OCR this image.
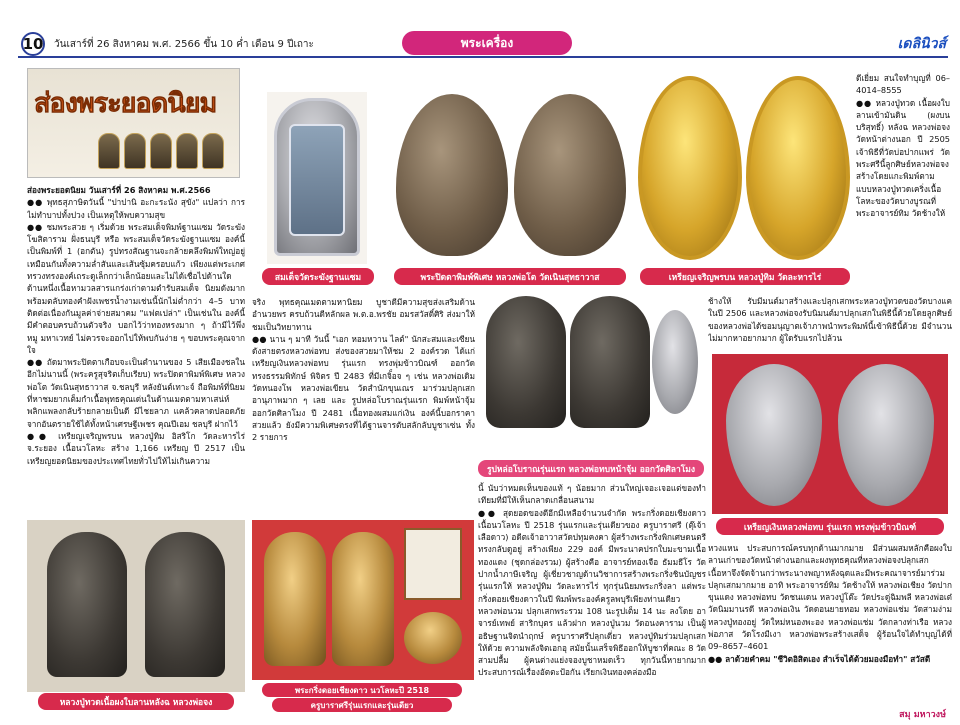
10 วันเสาร์ที่ 26 สิงหาคม พ.ศ. 2566 ขึ้น 10 ค่ำ เดือน 9 ปีเถาะ	พระเครื่อง	เดลินิวส์
ส่องพระยอดนิยม

ส่องพระยอดนิยม วันเสาร์ที่ 26 สิงหาคม พ.ศ.2566

●● พุทธสุภาษิตวันนี้ "ปาปานิ อะกะระนัง สุขัง" แปลว่า การไม่ทำบาปทั้งปวง เป็นเหตุให้พบความสุข

●● ชมพระสวย ๆ เริ่มด้วย พระสมเด็จพิมพ์ฐานแซม วัดระฆังโฆสิตาราม ฝั่งธนบุรี หรือ พระสมเด็จวัดระฆังฐานแซม องค์นี้เป็นพิมพ์ที่ 1 (อกตัน) รูปทรงสัณฐานจะกล้ายคลึงพิมพ์ใหญ่อยู่เหมือนกันทั้งความล่ำสันและเส้นซุ้มครอบแก้ว เพียงแต่พระเกศ ทรวงทรงองค์เถระดูเล็กกว่าเล็กน้อยและไม่ได้เชื่อไปด้านใดด้านหนึ่งเนื้อหามวลสารแกร่งเก่าตามตำรับสมเด็จ นิยมดังมากพร้อมตลับทองคำฝังเพชรน้ำงามเช่นนี้นักไม่ต่ำกว่า 4–5 บาท ติดต่อเนื่องกันมูลค่าจ่ายสมาคม "แฟตเปล่า" เป็นเช่นใน องค์นี้มีคำตอบครบถ้วนตัวจริง บอกไว้ว่าทองหรงมาก ๆ ถ้ามีไว้พึ่ง หมู มหาเวทย์ ไม่ควรจะออกไปให้พบกันง่าย ๆ ขอบพระคุณจากใจ

●● ถัดมาพระปิดตาเกือบจะเป็นตำนานของ 5 เสียเมืองชลในอีกไม่นานนี้ (พระครูสุจริตเก็บเรียบ) พระปิดตาพิมพ์พิเศษ หลวงพ่อโต วัดเนินสุทธาวาส จ.ชลบุรี หลังยันต์เทาะจ์ ถือพิมพ์ที่นิยมที่หาชมยากเต็มกำเนื้อพุทธคุณเด่นในด้านเมตตามหาเสน่ห์ พลิกแพลงกลับร้ายกลายเป็นดี มีไชยลาภ แคล้วคลาดปลอดภัยจากอันตรายใช้ได้ทั้งหน้าเศรษฐีเพชร คุณปีเอม ชลบุรี ฝากไว้

●● เหรียญเจริญพรบน หลวงปู่ทิม อิสริโก วัดละหารไร่ จ.ระยอง เนื้อนวโลหะ สร้าง 1,166 เหรียญ ปี 2517 เป็นเหรียญยอดนิยมของประเทศไทยทั่วไปให้ไม่เกินความ

หลวงปู่ทวดเนื้อผงใบลานหลังฉ หลวงพ่อจง
สมเด็จวัดระฆังฐานแซม	พระปิดตาพิมพ์พิเศษ หลวงพ่อโต วัดเนินสุทธาวาส	เหรียญเจริญพรบน หลวงปู่ทิม วัดละหารไร่

ดีเยี่ยม สนใจทำบุญที่ 06–4014–8555

●● หลวงปู่ทวด เนื้อผงใบลานเข้ามันดิน (ผงบนบริสุทธิ์) หลังฉ หลวงพ่อจง วัดหน้าต่างนอก ปี 2505 เจ้าพิธีที่วัดบ่อปากแพร่ วัดพระศรีนี้ลูกศิษย์หลวงพ่อจงสร้างโดยแกะพิมพ์ตามแบบหลวงปู่ทวดเคริ่งเนื้อโลหะของวัดบางบูรณที่พระอาจารย์ทิม วัดช้างให้

จริง พุทธคุณเมตตามหานิยม บูชาดีมีความสุขส่งเสริมด้านอำนวยพร ครบถ้วนดีหลักผล พ.ต.อ.พรชัย อมรสวัสดิ์ศิริ ส่งมาให้ชมเป็นวิทยาทาน

●● นาน ๆ มาที วันนี้ "เอก หอมหวาน ไลต์" นักสะสมและเซียนดังสายตรงหลวงพ่อทบ ส่งของสวยมาให้ชม 2 องค์รวด ได้แก่ เหรียญเงินหลวงพ่อทบ รุ่นแรก ทรงพุ่มข้าวบิณฑ์ ออกวัดทรงธรรมพิทักษ์ พิจิตร ปี 2483 ที่มีเกจิ็อจ ๆ เช่น หลวงพ่อเดิม วัดหนองโพ หลวงพ่อเขียน วัดสำนักขุนเณร มาร่วมปลุกเสก อานุภาพมาก ๆ เลย และ รูปหล่อโบราณรุ่นแรก พิมพ์หน้าจุ้ม ออกวัดศิลาโมง ปี 2481 เนื้อทองผสมแก่เงิน องค์นี้บอกราคาสวยแล้ว ยังมีความพิเศษตรงที่ได้ฐานจารตับสลักลับบูชาเซ่น ทั้ง 2 รายการ

รูปหล่อโบราณรุ่นแรก หลวงพ่อทบหน้าจุ้ม ออกวัดศิลาโมง

ช้างให้ รับมีมนต์มาสร้างและปลุกเสกพระหลวงปู่ทวดของวัดบางแค ในปี 2506 และหลวงพ่อจงรับนิมนต์มาปลุกเสกในพิธีนี้ด้วยโดยลูกศิษย์ของหลวงพ่อได้ขอมนุญาตเจ้าภาพนำพระพิมพ์นี้เข้าพิธีนี้ด้วย มีจำนวนไม่มากหาอยากมาก ผู้ใดรับแรกไปล้วน

เหรียญเงินหลวงพ่อทบ รุ่นแรก ทรงพุ่มข้าวบิณฑ์

นี้ นับว่าหมดเห็นของแท้ ๆ น้อยมาก ส่วนใหญ่เจอะเจอแต่ของทำเทียมที่มีให้เห็นกลาดเกลื่อนสนาม

●● สุดยอดของดีอีกมีเหลือจำนวนจำกัด พระกริ่งดอยเชียงดาว เนื้อนวโลหะ ปี 2518 รุ่นแรกและรุ่นเดียวของ ครูบาราศรี (ตุ๊เจ้าเลือดาว) อดีตเจ้าอาวาสวัดปทุมคงคา ผู้สร้างพระกริ่งพิกเศษดนตรี ทรงกลับดูอยู่ สร้างเพียง 229 องค์ มีพระนาคปรกใบมะขามเนื้อทองแดง (ชุดกล่องรวม) ผู้สร้างคือ อาจารย์ทองเจือ ธัมมธีโร วัดปากน้ำภาษีเจริญ ผู้เชี่ยวชาญด้านวิชาการสร้างพระกริ่งชินบัญชรรุ่นแรกให้ หลวงปู่ทิม วัดละหารไร่ ทุกรุ่นนิยมพระกริ่งลา แต่พระกริ่งดอยเชียงดาวในปี พิมพ์พระองค์ครูลพบุรีเพียงท่านเดียว

หลวงพ่อนวม ปลุกเสกพระรวม 108 นะรูปเต็ม 14 นะ ลงโดย อาจารย์เทพย์ สาริกบุตร แล้วฝาก หลวงปู่นวม วัดอนงคาราม เป็นผู้อธิษฐานจิตนำฤกษ์ ครูบาราศรีปลุกเดี่ยว หลวงปู่ทิมร่วมปลุกเสกให้ด้วย ความพลังจิตเอกอุ สมัยนั้นเสร็จพิธีออกให้บูชาที่คณะ 8 วัดสามปลื้ม ผู้คนต่างแย่งจองบูชาหมดเร็ว ทุกวันนี้หายากมาก ประสบการณ์เรื่องอัตตะป้อกัน เรียกเงินทองคล่องมือ

พระกริ่งดอยเชียงดาว นวโลหะปี 2518
ครูบาราศรีรุ่นแรกและรุ่นเดียว

หวงแหน ประสบการณ์ครบทุกด้านมากมาย มีส่วนผสมหลักคือผงใบลานเก่าของวัดหน้าต่างนอกและผงพุทธคุณที่หลวงพ่อจงปลุกเสก เนื้อหาจึงจัดจ้านกว่าพระนางพญาหลังฉุดและมีพระคณาจารย์มาร่วมปลุกเสกมากมาย อาทิ พระอาจารย์ทิม วัดช้างให้ หลวงพ่อเชียง วัดปากขุนแดง หลวงพ่อทบ วัดชนแดน หลวงปู่โต๊ะ วัดประดู่ฉิมพลี หลวงพ่อเต๋ วัดนิมมานรดี หลวงพ่อเงิน วัดดอนยายหอม หลวงพ่อแช่ม วัดสามง่าม หลวงปู่ทองอยู่ วัดใหม่หนองพะอง หลวงพ่อแช่ม วัดกลางท่าเรือ หลวงพ่อภาส วัดโรงมีเงา หลวงพ่อพระสร้างเสด็จ ผู้ร้อนใจได้ทำบุญได้ที่ 09–8657–4601

●● ลาด้วยคำคม "ชีวิตอิสิตเอง สำเร็จได้ด้วยมองมือทำ" สวัสดี

สมุ มหาวงษ์
